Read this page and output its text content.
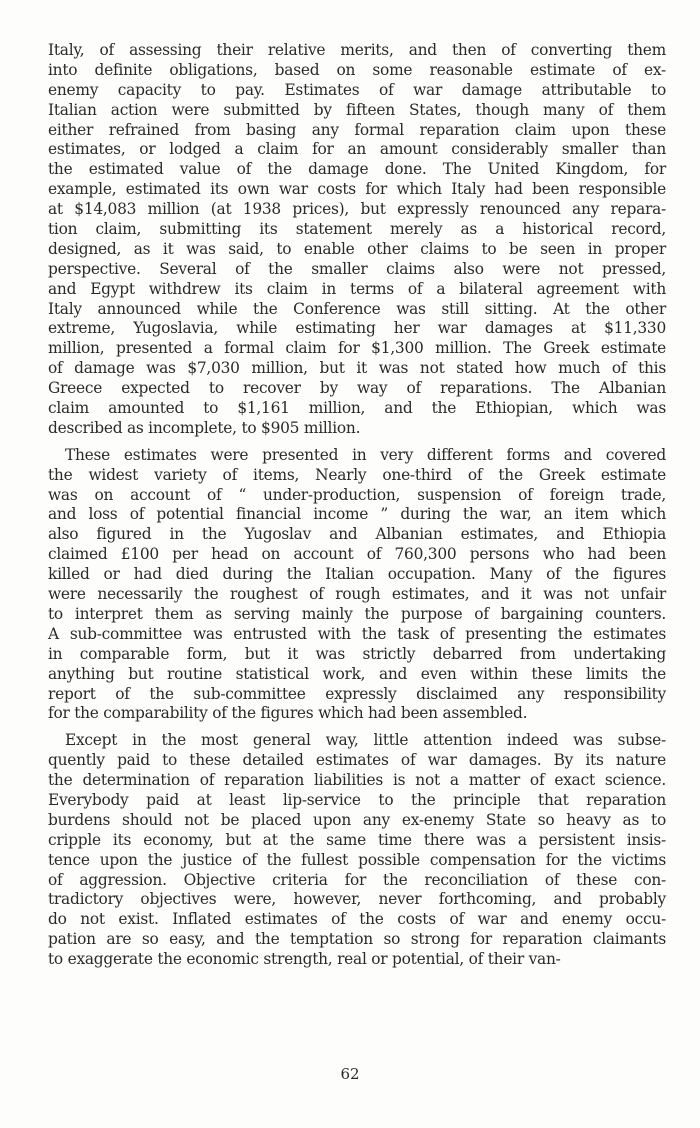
Italy, of assessing their relative merits, and then of converting them
into definite obligations, based on some reasonable estimate of ex-
enemy capacity to pay. Estimates of war damage attributable to
Italian action were submitted by fifteen States, though many of them
either refrained from basing any formal reparation claim upon these
estimates, or lodged a claim for an amount considerably smaller than
the estimated value of the damage done. The United Kingdom, for
example, estimated its own war costs for which Italy had been responsible
at $14,083 million (at 1938 prices), but expressly renounced any repara-
tion claim, submitting its statement merely as a historical record,
designed, as it was said, to enable other claims to be seen in proper
perspective. Several of the smaller claims also were not pressed,
and Egypt withdrew its claim in terms of a bilateral agreement with
Italy announced while the Conference was still sitting. At the other
extreme, Yugoslavia, while estimating her war damages at $11,330
million, presented a formal claim for $1,300 million. The Greek estimate
of damage was $7,030 million, but it was not stated how much of this
Greece expected to recover by way of reparations. The Albanian
claim amounted to $1,161 million, and the Ethiopian, which was
described as incomplete, to $905 million.
These estimates were presented in very different forms and covered
the widest variety of items, Nearly one-third of the Greek estimate
was on account of “ under-production, suspension of foreign trade,
and loss of potential financial income ” during the war, an item which
also figured in the Yugoslav and Albanian estimates, and Ethiopia
claimed £100 per head on account of 760,300 persons who had been
killed or had died during the Italian occupation. Many of the figures
were necessarily the roughest of rough estimates, and it was not unfair
to interpret them as serving mainly the purpose of bargaining counters.
A sub-committee was entrusted with the task of presenting the estimates
in comparable form, but it was strictly debarred from undertaking
anything but routine statistical work, and even within these limits the
report of the sub-committee expressly disclaimed any responsibility
for the comparability of the figures which had been assembled.
Except in the most general way, little attention indeed was subse-
quently paid to these detailed estimates of war damages. By its nature
the determination of reparation liabilities is not a matter of exact science.
Everybody paid at least lip-service to the principle that reparation
burdens should not be placed upon any ex-enemy State so heavy as to
cripple its economy, but at the same time there was a persistent insis-
tence upon the justice of the fullest possible compensation for the victims
of aggression. Objective criteria for the reconciliation of these con-
tradictory objectives were, however, never forthcoming, and probably
do not exist. Inflated estimates of the costs of war and enemy occu-
pation are so easy, and the temptation so strong for reparation claimants
to exaggerate the economic strength, real or potential, of their van-
62
